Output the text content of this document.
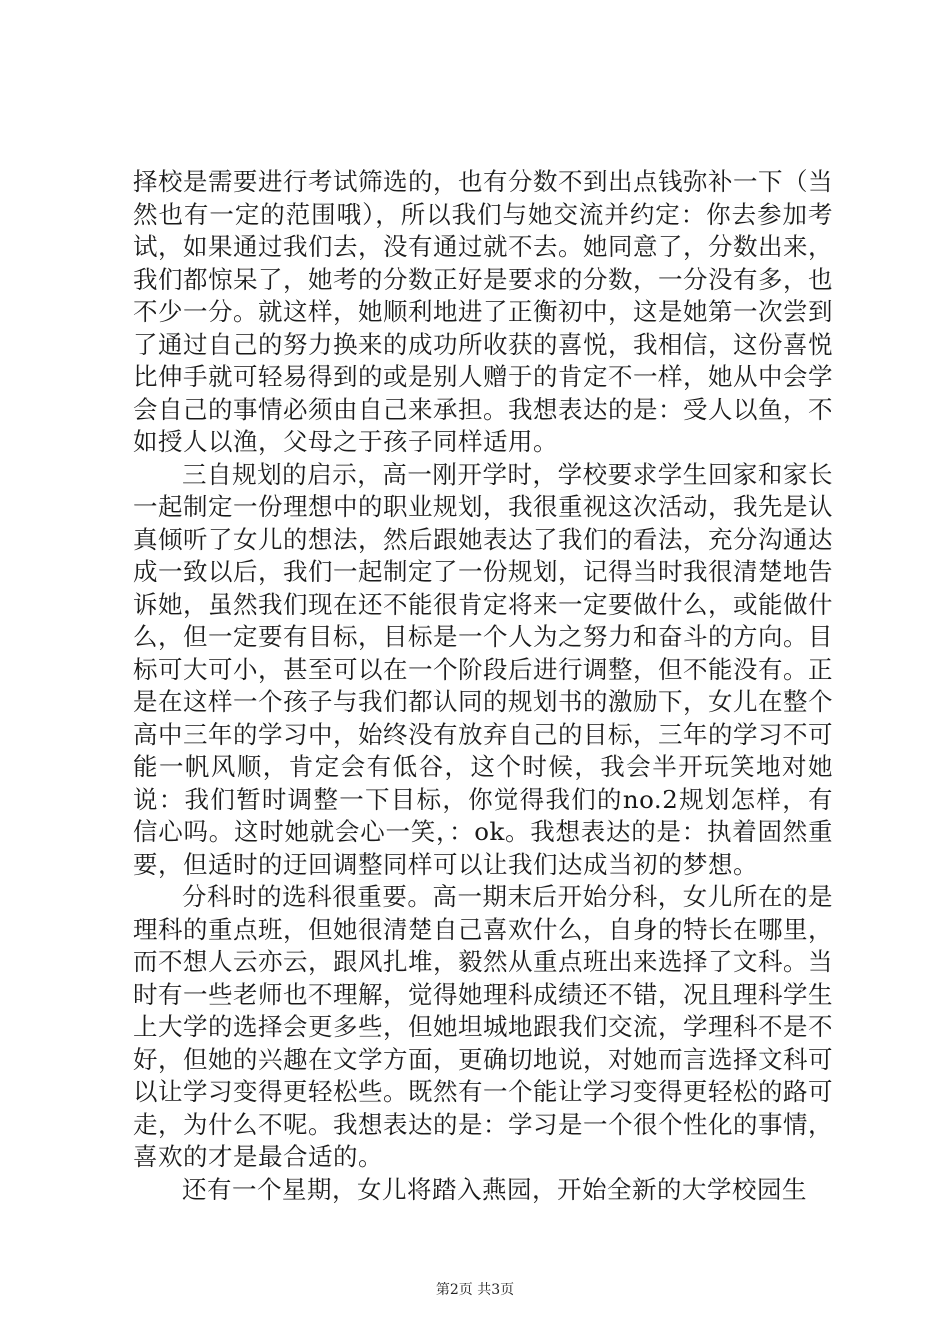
择校是需要进行考试筛选的，也有分数不到出点钱弥补一下（当然也有一定的范围哦），所以我们与她交流并约定：你去参加考试，如果通过我们去，没有通过就不去。她同意了，分数出来，我们都惊呆了，她考的分数正好是要求的分数，一分没有多，也不少一分。就这样，她顺利地进了正衡初中，这是她第一次尝到了通过自己的努力换来的成功所收获的喜悦，我相信，这份喜悦比伸手就可轻易得到的或是别人赠于的肯定不一样，她从中会学会自己的事情必须由自己来承担。我想表达的是：受人以鱼，不如授人以渔，父母之于孩子同样适用。

三自规划的启示，高一刚开学时，学校要求学生回家和家长一起制定一份理想中的职业规划，我很重视这次活动，我先是认真倾听了女儿的想法，然后跟她表达了我们的看法，充分沟通达成一致以后，我们一起制定了一份规划，记得当时我很清楚地告诉她，虽然我们现在还不能很肯定将来一定要做什么，或能做什么，但一定要有目标，目标是一个人为之努力和奋斗的方向。目标可大可小，甚至可以在一个阶段后进行调整，但不能没有。正是在这样一个孩子与我们都认同的规划书的激励下，女儿在整个高中三年的学习中，始终没有放弃自己的目标，三年的学习不可能一帆风顺，肯定会有低谷，这个时候，我会半开玩笑地对她说：我们暂时调整一下目标，你觉得我们的no.2规划怎样，有信心吗。这时她就会心一笑，：ok。我想表达的是：执着固然重要，但适时的迂回调整同样可以让我们达成当初的梦想。

分科时的选科很重要。高一期末后开始分科，女儿所在的是理科的重点班，但她很清楚自己喜欢什么，自身的特长在哪里，而不想人云亦云，跟风扎堆，毅然从重点班出来选择了文科。当时有一些老师也不理解，觉得她理科成绩还不错，况且理科学生上大学的选择会更多些，但她坦城地跟我们交流，学理科不是不好，但她的兴趣在文学方面，更确切地说，对她而言选择文科可以让学习变得更轻松些。既然有一个能让学习变得更轻松的路可走，为什么不呢。我想表达的是：学习是一个很个性化的事情，喜欢的才是最合适的。

还有一个星期，女儿将踏入燕园，开始全新的大学校园生

第2页 共3页
